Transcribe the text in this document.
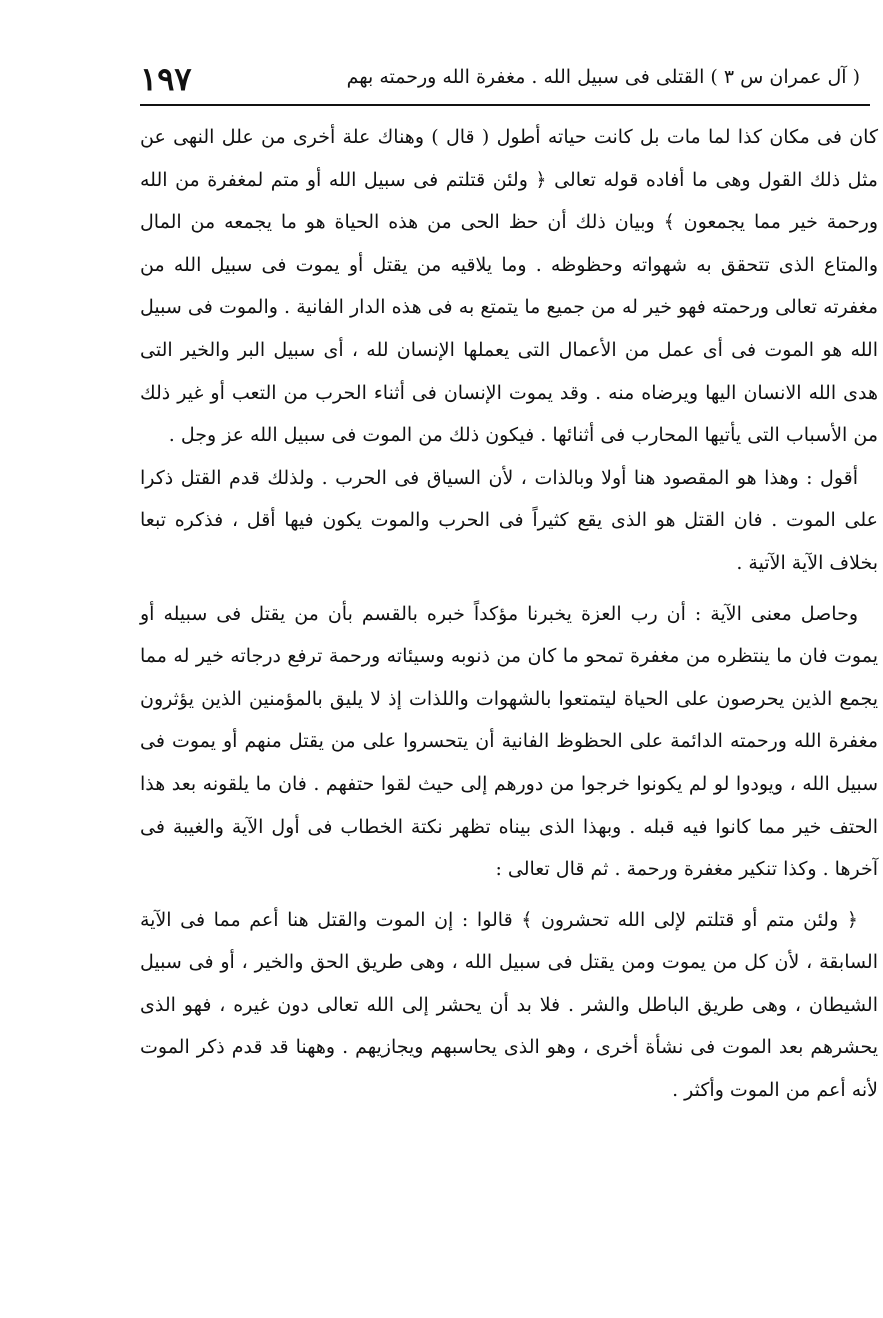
( آل عمران س ٣ ) القتلى فى سبيل الله . مغفرة الله ورحمته بهم
١٩٧

كان فى مكان كذا لما مات بل كانت حياته أطول ( قال ) وهناك علة أخرى من علل النهى عن مثل ذلك القول وهى ما أفاده قوله تعالى ﴿ ولئن قتلتم فى سبيل الله أو متم لمغفرة من الله ورحمة خير مما يجمعون ﴾ وبيان ذلك أن حظ الحى من هذه الحياة هو ما يجمعه من المال والمتاع الذى تتحقق به شهواته وحظوظه . وما يلاقيه من يقتل أو يموت فى سبيل الله من مغفرته تعالى ورحمته فهو خير له من جميع ما يتمتع به فى هذه الدار الفانية . والموت فى سبيل الله هو الموت فى أى عمل من الأعمال التى يعملها الإنسان لله ، أى سبيل البر والخير التى هدى الله الانسان اليها ويرضاه منه . وقد يموت الإنسان فى أثناء الحرب من التعب أو غير ذلك من الأسباب التى يأتيها المحارب فى أثنائها . فيكون ذلك من الموت فى سبيل الله عز وجل .

أقول : وهذا هو المقصود هنا أولا وبالذات ، لأن السياق فى الحرب . ولذلك قدم القتل ذكرا على الموت . فان القتل هو الذى يقع كثيراً فى الحرب والموت يكون فيها أقل ، فذكره تبعا بخلاف الآية الآتية .

وحاصل معنى الآية : أن رب العزة يخبرنا مؤكداً خبره بالقسم بأن من يقتل فى سبيله أو يموت فان ما ينتظره من مغفرة تمحو ما كان من ذنوبه وسيئاته ورحمة ترفع درجاته خير له مما يجمع الذين يحرصون على الحياة ليتمتعوا بالشهوات واللذات إذ لا يليق بالمؤمنين الذين يؤثرون مغفرة الله ورحمته الدائمة على الحظوظ الفانية أن يتحسروا على من يقتل منهم أو يموت فى سبيل الله ، ويودوا لو لم يكونوا خرجوا من دورهم إلى حيث لقوا حتفهم . فان ما يلقونه بعد هذا الحتف خير مما كانوا فيه قبله . وبهذا الذى بيناه تظهر نكتة الخطاب فى أول الآية والغيبة فى آخرها . وكذا تنكير مغفرة ورحمة . ثم قال تعالى :

﴿ ولئن متم أو قتلتم لإلى الله تحشرون ﴾ قالوا : إن الموت والقتل هنا أعم مما فى الآية السابقة ، لأن كل من يموت ومن يقتل فى سبيل الله ، وهى طريق الحق والخير ، أو فى سبيل الشيطان ، وهى طريق الباطل والشر . فلا بد أن يحشر إلى الله تعالى دون غيره ، فهو الذى يحشرهم بعد الموت فى نشأة أخرى ، وهو الذى يحاسبهم ويجازيهم . وههنا قد قدم ذكر الموت لأنه أعم من الموت وأكثر .
